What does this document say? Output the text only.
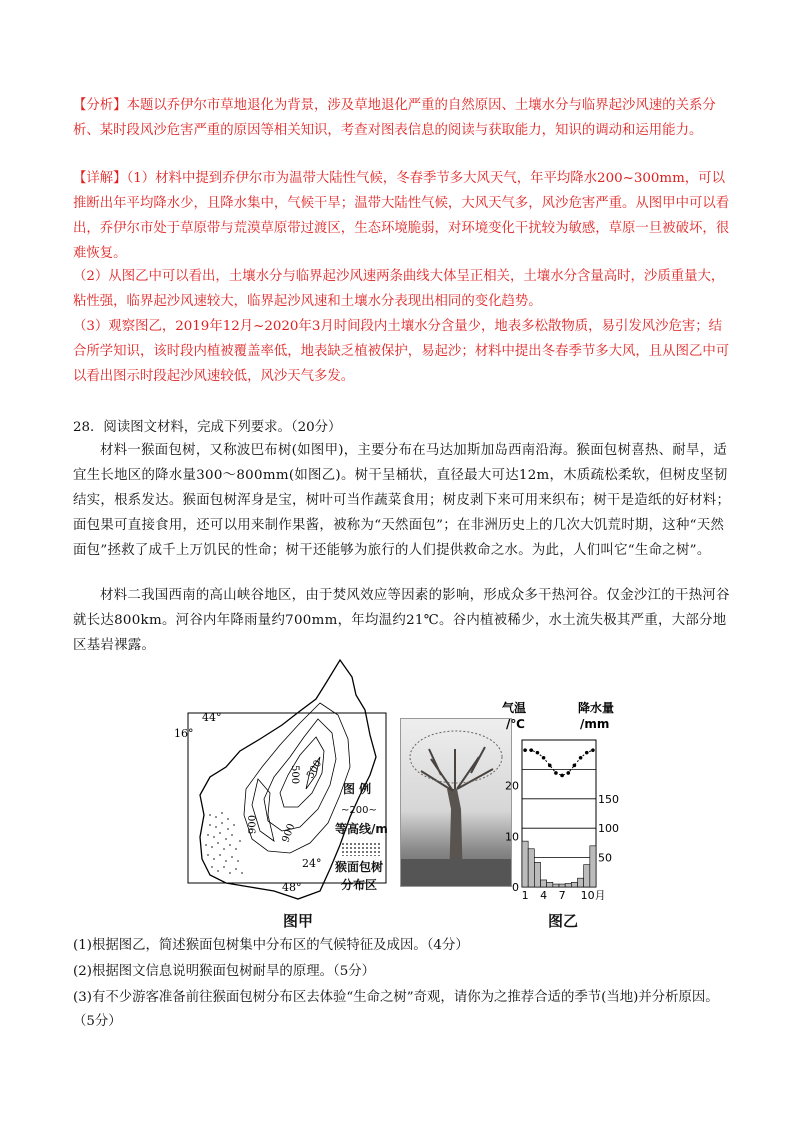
【分析】本题以乔伊尔市草地退化为背景，涉及草地退化严重的自然原因、土壤水分与临界起沙风速的关系分析、某时段风沙危害严重的原因等相关知识，考查对图表信息的阅读与获取能力，知识的调动和运用能力。
【详解】（1）材料中提到乔伊尔市为温带大陆性气候，冬春季节多大风天气，年平均降水200~300mm，可以推断出年平均降水少，且降水集中，气候干旱；温带大陆性气候，大风天气多，风沙危害严重。从图甲中可以看出，乔伊尔市处于草原带与荒漠草原带过渡区，生态环境脆弱，对环境变化干扰较为敏感，草原一旦被破坏，很难恢复。
（2）从图乙中可以看出，土壤水分与临界起沙风速两条曲线大体呈正相关，土壤水分含量高时，沙质重量大，粘性强，临界起沙风速较大，临界起沙风速和土壤水分表现出相同的变化趋势。
（3）观察图乙，2019年12月~2020年3月时间段内土壤水分含量少，地表多松散物质，易引发风沙危害；结合所学知识，该时段内植被覆盖率低，地表缺乏植被保护，易起沙；材料中提出冬春季节多大风，且从图乙中可以看出图示时段起沙风速较低，风沙天气多发。
28．阅读图文材料，完成下列要求。（20分）
材料一猴面包树，又称波巴布树(如图甲)，主要分布在马达加斯加岛西南沿海。猴面包树喜热、耐旱，适宜生长地区的降水量300～800mm(如图乙)。树干呈桶状，直径最大可达12m，木质疏松柔软，但树皮坚韧结实，根系发达。猴面包树浑身是宝，树叶可当作蔬菜食用；树皮剥下来可用来织布；树干是造纸的好材料；面包果可直接食用，还可以用来制作果酱，被称为“天然面包”；在非洲历史上的几次大饥荒时期，这种“天然面包”拯救了成千上万饥民的性命；树干还能够为旅行的人们提供救命之水。为此，人们叫它“生命之树”。
材料二我国西南的高山峡谷地区，由于焚风效应等因素的影响，形成众多干热河谷。仅金沙江的干热河谷就长达800km。河谷内年降雨量约700mm，年均温约21℃。谷内植被稀少，水土流失极其严重，大部分地区基岩裸露。
44°
16°
24°
48°
500 500
006 900
图 例
~200~
等高线/m
猴面包树
分布区
图甲
气温
/℃
降水量
/mm
0
10
20
50
100
150
1 4 7 10月
图乙
(1)根据图乙，简述猴面包树集中分布区的气候特征及成因。（4分）
(2)根据图文信息说明猴面包树耐旱的原理。（5分）
(3)有不少游客准备前往猴面包树分布区去体验“生命之树”奇观，请你为之推荐合适的季节(当地)并分析原因。（5分）
